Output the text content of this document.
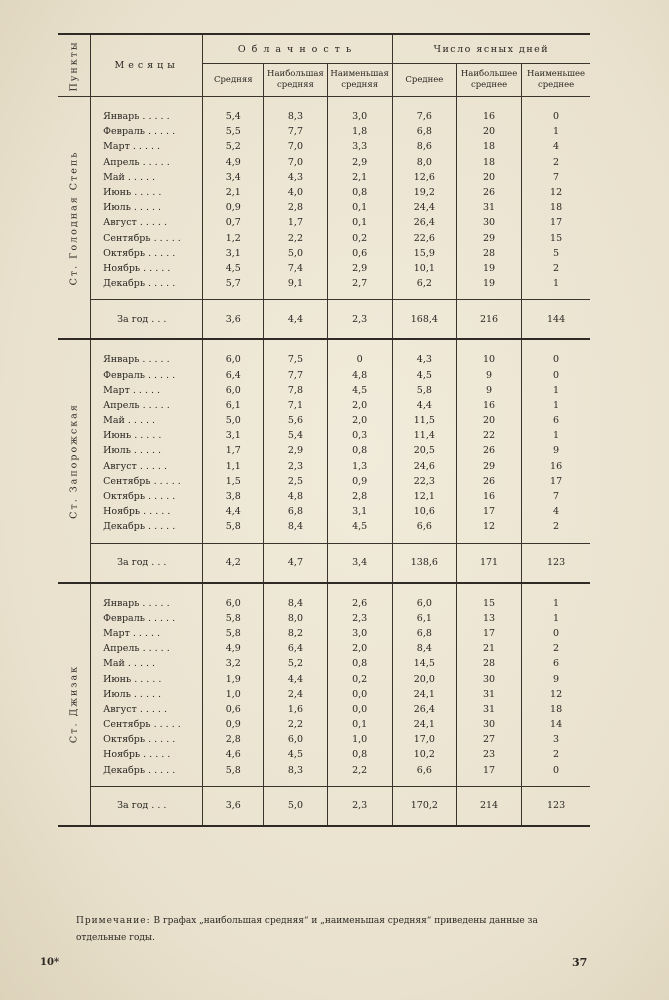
Пункты	Месяцы	Облачность			Число ясных дней		
		Средняя	Наибольшая средняя	Наименьшая средняя	Среднее	Наибольшее среднее	Наименьшее среднее

Ст. Голодная Степь							

	Январь . . . . .	5,4	8,3	3,0	7,6	16	0
	Февраль . . . . .	5,5	7,7	1,8	6,8	20	1
	Март . . . . .	5,2	7,0	3,3	8,6	18	4
	Апрель . . . . .	4,9	7,0	2,9	8,0	18	2
	Май . . . . .	3,4	4,3	2,1	12,6	20	7
	Июнь . . . . .	2,1	4,0	0,8	19,2	26	12
	Июль . . . . .	0,9	2,8	0,1	24,4	31	18
	Август . . . . .	0,7	1,7	0,1	26,4	30	17
	Сентябрь . . . . .	1,2	2,2	0,2	22,6	29	15
	Октябрь . . . . .	3,1	5,0	0,6	15,9	28	5
	Ноябрь . . . . .	4,5	7,4	2,9	10,1	19	2
	Декабрь . . . . .	5,7	9,1	2,7	6,2	19	1

	За год . . .	3,6	4,4	2,3	168,4	216	144

Ст. Запорожская							

	Январь . . . . .	6,0	7,5	0	4,3	10	0
	Февраль . . . . .	6,4	7,7	4,8	4,5	9	0
	Март . . . . .	6,0	7,8	4,5	5,8	9	1
	Апрель . . . . .	6,1	7,1	2,0	4,4	16	1
	Май . . . . .	5,0	5,6	2,0	11,5	20	6
	Июнь . . . . .	3,1	5,4	0,3	11,4	22	1
	Июль . . . . .	1,7	2,9	0,8	20,5	26	9
	Август . . . . .	1,1	2,3	1,3	24,6	29	16
	Сентябрь . . . . .	1,5	2,5	0,9	22,3	26	17
	Октябрь . . . . .	3,8	4,8	2,8	12,1	16	7
	Ноябрь . . . . .	4,4	6,8	3,1	10,6	17	4
	Декабрь . . . . .	5,8	8,4	4,5	6,6	12	2

	За год . . .	4,2	4,7	3,4	138,6	171	123

Ст. Джизак							

	Январь . . . . .	6,0	8,4	2,6	6,0	15	1
	Февраль . . . . .	5,8	8,0	2,3	6,1	13	1
	Март . . . . .	5,8	8,2	3,0	6,8	17	0
	Апрель . . . . .	4,9	6,4	2,0	8,4	21	2
	Май . . . . .	3,2	5,2	0,8	14,5	28	6
	Июнь . . . . .	1,9	4,4	0,2	20,0	30	9
	Июль . . . . .	1,0	2,4	0,0	24,1	31	12
	Август . . . . .	0,6	1,6	0,0	26,4	31	18
	Сентябрь . . . . .	0,9	2,2	0,1	24,1	30	14
	Октябрь . . . . .	2,8	6,0	1,0	17,0	27	3
	Ноябрь . . . . .	4,6	4,5	0,8	10,2	23	2
	Декабрь . . . . .	5,8	8,3	2,2	6,6	17	0

	За год . . .	3,6	5,0	2,3	170,2	214	123
Примечание: В графах „наибольшая средняя“ и „наименьшая средняя“ приведены данные за отдельные годы.
10*	37
